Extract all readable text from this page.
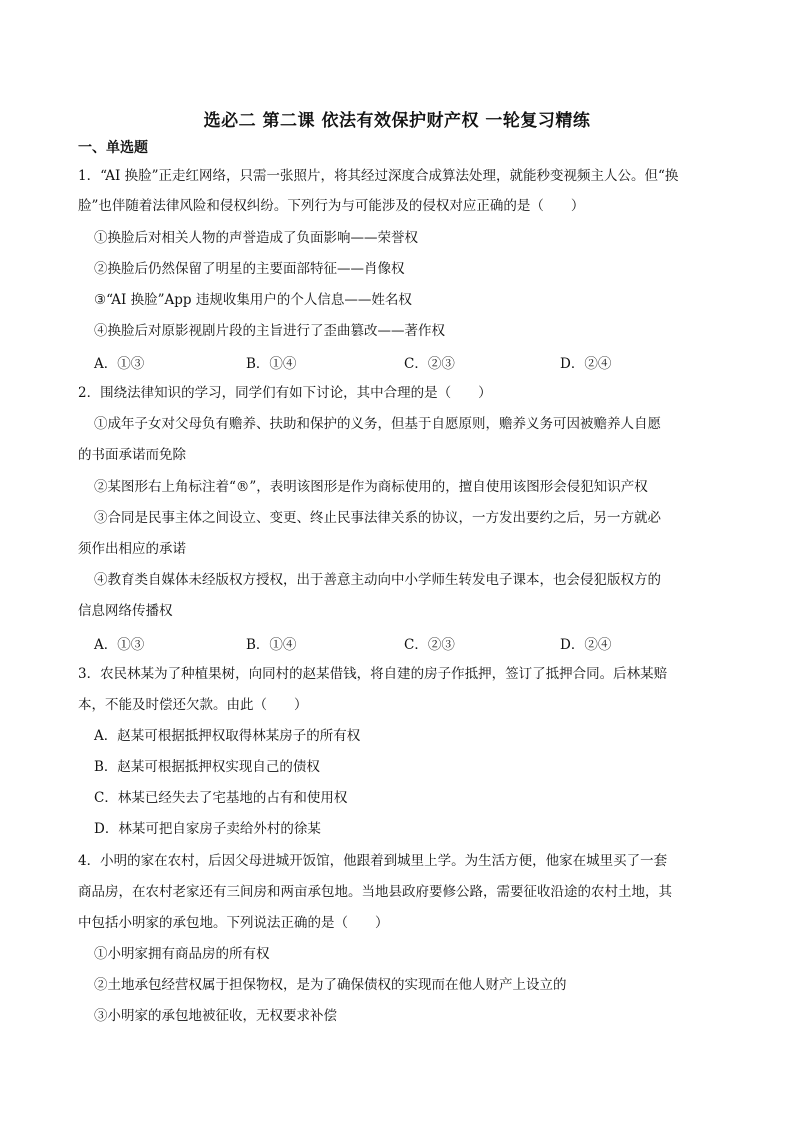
选必二 第二课 依法有效保护财产权 一轮复习精练
一、单选题
1．“AI 换脸”正走红网络，只需一张照片，将其经过深度合成算法处理，就能秒变视频主人公。但“换
脸”也伴随着法律风险和侵权纠纷。下列行为与可能涉及的侵权对应正确的是（　　）
①换脸后对相关人物的声誉造成了负面影响——荣誉权
②换脸后仍然保留了明星的主要面部特征——肖像权
③“AI 换脸”App 违规收集用户的个人信息——姓名权
④换脸后对原影视剧片段的主旨进行了歪曲篡改——著作权
A．①③	B．①④	C．②③	D．②④
2．围绕法律知识的学习，同学们有如下讨论，其中合理的是（　　）
①成年子女对父母负有赡养、扶助和保护的义务，但基于自愿原则，赡养义务可因被赡养人自愿
的书面承诺而免除
②某图形右上角标注着“®”，表明该图形是作为商标使用的，擅自使用该图形会侵犯知识产权
③合同是民事主体之间设立、变更、终止民事法律关系的协议，一方发出要约之后，另一方就必
须作出相应的承诺
④教育类自媒体未经版权方授权，出于善意主动向中小学师生转发电子课本，也会侵犯版权方的
信息网络传播权
A．①③	B．①④	C．②③	D．②④
3．农民林某为了种植果树，向同村的赵某借钱，将自建的房子作抵押，签订了抵押合同。后林某赔
本，不能及时偿还欠款。由此（　　）
A．赵某可根据抵押权取得林某房子的所有权
B．赵某可根据抵押权实现自己的债权
C．林某已经失去了宅基地的占有和使用权
D．林某可把自家房子卖给外村的徐某
4．小明的家在农村，后因父母进城开饭馆，他跟着到城里上学。为生活方便，他家在城里买了一套
商品房，在农村老家还有三间房和两亩承包地。当地县政府要修公路，需要征收沿途的农村土地，其
中包括小明家的承包地。下列说法正确的是（　　）
①小明家拥有商品房的所有权
②土地承包经营权属于担保物权，是为了确保债权的实现而在他人财产上设立的
③小明家的承包地被征收，无权要求补偿
